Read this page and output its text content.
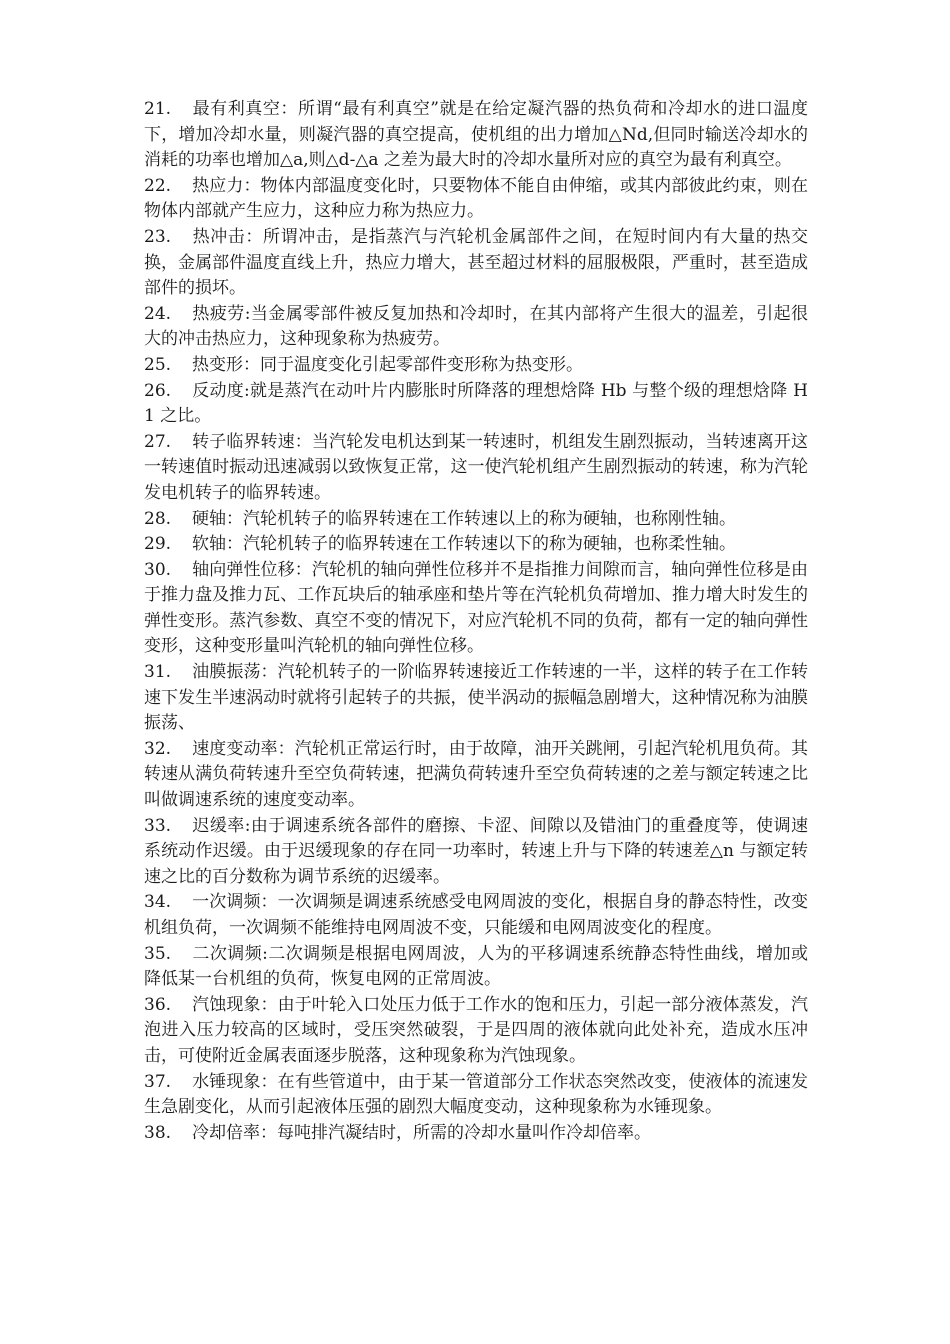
21. 最有利真空：所谓“最有利真空”就是在给定凝汽器的热负荷和冷却水的进口温度下，增加冷却水量，则凝汽器的真空提高，使机组的出力增加△Nd,但同时输送冷却水的消耗的功率也增加△a,则△d-△a 之差为最大时的冷却水量所对应的真空为最有利真空。

22. 热应力：物体内部温度变化时，只要物体不能自由伸缩，或其内部彼此约束，则在物体内部就产生应力，这种应力称为热应力。

23. 热冲击：所谓冲击，是指蒸汽与汽轮机金属部件之间，在短时间内有大量的热交换，金属部件温度直线上升，热应力增大，甚至超过材料的屈服极限，严重时，甚至造成部件的损坏。

24. 热疲劳:当金属零部件被反复加热和冷却时，在其内部将产生很大的温差，引起很大的冲击热应力，这种现象称为热疲劳。

25. 热变形：同于温度变化引起零部件变形称为热变形。

26. 反动度:就是蒸汽在动叶片内膨胀时所降落的理想焓降 Hb 与整个级的理想焓降 H1 之比。

27. 转子临界转速：当汽轮发电机达到某一转速时，机组发生剧烈振动，当转速离开这一转速值时振动迅速减弱以致恢复正常，这一使汽轮机组产生剧烈振动的转速，称为汽轮发电机转子的临界转速。

28. 硬轴：汽轮机转子的临界转速在工作转速以上的称为硬轴，也称刚性轴。

29. 软轴：汽轮机转子的临界转速在工作转速以下的称为硬轴，也称柔性轴。

30. 轴向弹性位移：汽轮机的轴向弹性位移并不是指推力间隙而言，轴向弹性位移是由于推力盘及推力瓦、工作瓦块后的轴承座和垫片等在汽轮机负荷增加、推力增大时发生的弹性变形。蒸汽参数、真空不变的情况下，对应汽轮机不同的负荷，都有一定的轴向弹性变形，这种变形量叫汽轮机的轴向弹性位移。

31. 油膜振荡：汽轮机转子的一阶临界转速接近工作转速的一半，这样的转子在工作转速下发生半速涡动时就将引起转子的共振，使半涡动的振幅急剧增大，这种情况称为油膜振荡、

32. 速度变动率：汽轮机正常运行时，由于故障，油开关跳闸，引起汽轮机甩负荷。其转速从满负荷转速升至空负荷转速，把满负荷转速升至空负荷转速的之差与额定转速之比叫做调速系统的速度变动率。

33. 迟缓率:由于调速系统各部件的磨擦、卡涩、间隙以及错油门的重叠度等，使调速系统动作迟缓。由于迟缓现象的存在同一功率时，转速上升与下降的转速差△n 与额定转速之比的百分数称为调节系统的迟缓率。

34. 一次调频：一次调频是调速系统感受电网周波的变化，根据自身的静态特性，改变机组负荷，一次调频不能维持电网周波不变，只能缓和电网周波变化的程度。

35. 二次调频:二次调频是根据电网周波，人为的平移调速系统静态特性曲线，增加或降低某一台机组的负荷，恢复电网的正常周波。

36. 汽蚀现象：由于叶轮入口处压力低于工作水的饱和压力，引起一部分液体蒸发，汽泡进入压力较高的区域时，受压突然破裂，于是四周的液体就向此处补充，造成水压冲击，可使附近金属表面逐步脱落，这种现象称为汽蚀现象。

37. 水锤现象：在有些管道中，由于某一管道部分工作状态突然改变，使液体的流速发生急剧变化，从而引起液体压强的剧烈大幅度变动，这种现象称为水锤现象。

38. 冷却倍率：每吨排汽凝结时，所需的冷却水量叫作冷却倍率。
